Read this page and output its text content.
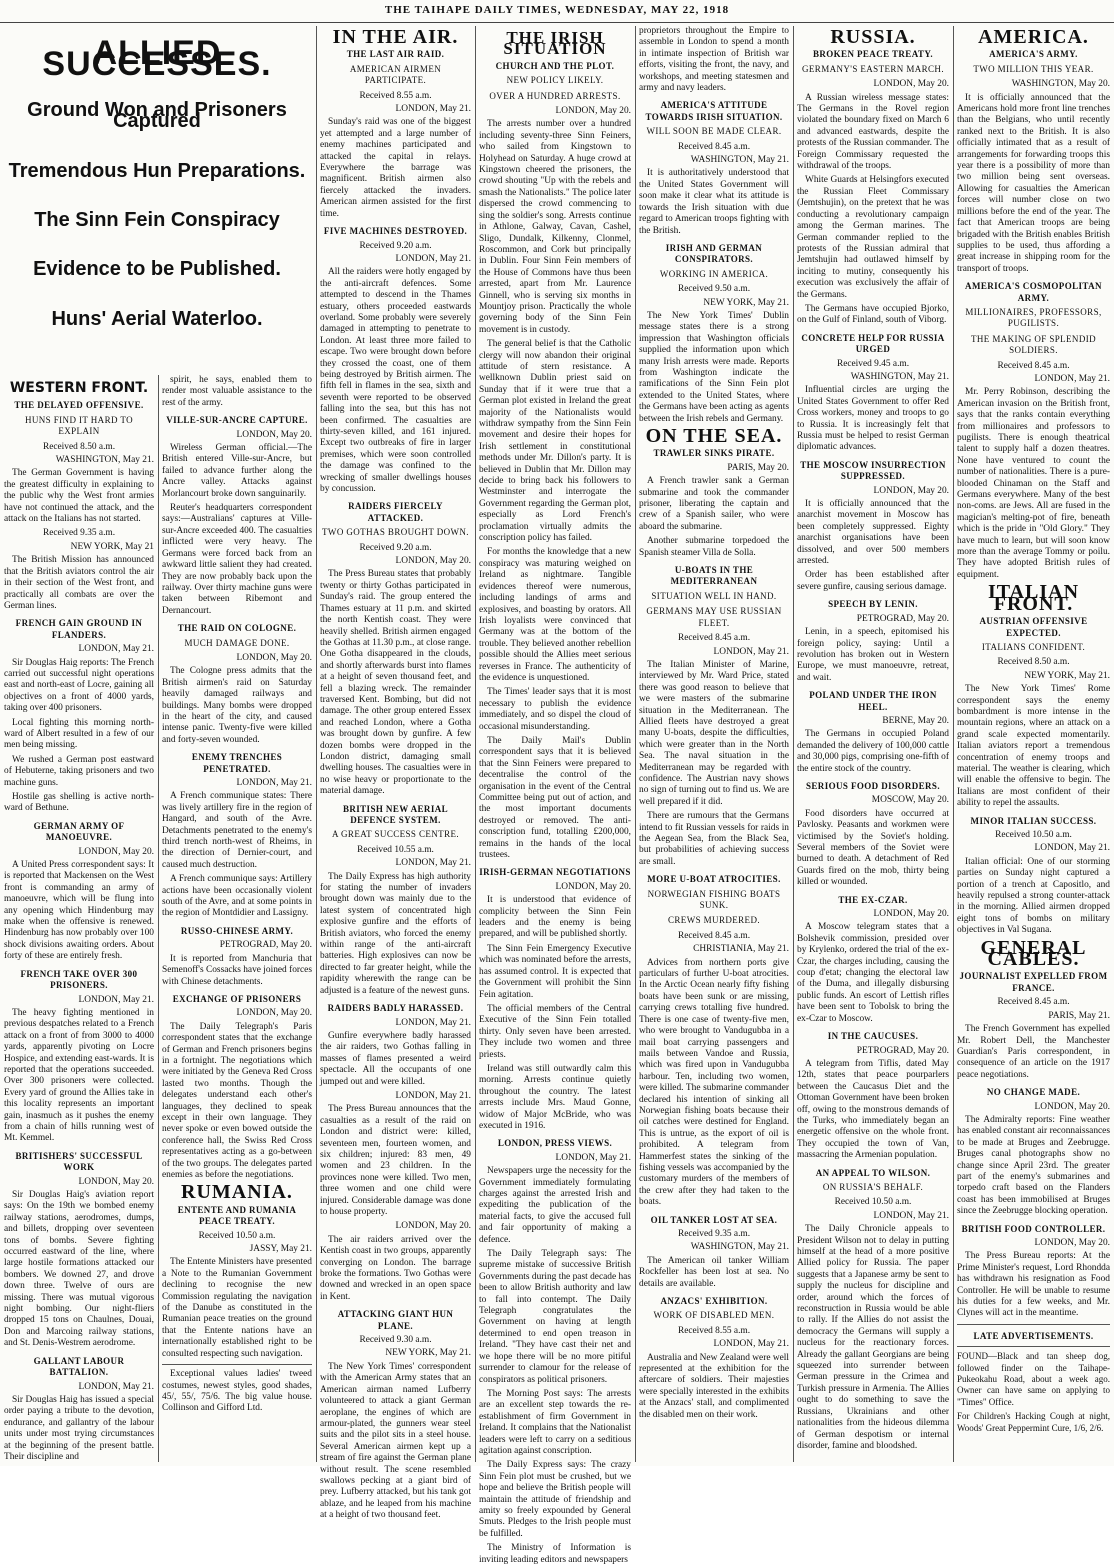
THE TAIHAPE DAILY TIMES, WEDNESDAY, MAY 22, 1918
ALLIED SUCCESSES.
Ground Won and Prisoners Captured
Tremendous Hun Preparations.
The Sinn Fein Conspiracy
Evidence to be Published.
Huns' Aerial Waterloo.
WESTERN FRONT.
THE DELAYED OFFENSIVE.
HUNS FIND IT HARD TO EXPLAIN
Received 8.50 a.m.
WASHINGTON, May 21.

The German Government is having the greatest difficulty in explaining to the public why the West front armies have not continued the attack, and the attack on the Italians has not started.

Received 9.35 a.m.
NEW YORK, May 21

The British Mission has announced that the British aviators control the air in their section of the West front, and practically all combats are over the German lines.

FRENCH GAIN GROUND IN FLANDERS.
LONDON, May 21.

Sir Douglas Haig reports: The French carried out successful night operations east and north-east of Locre, gaining all objectives on a front of 4000 yards, taking over 400 prisoners.

Local fighting this morning north-ward of Albert resulted in a few of our men being missing.

We rushed a German post eastward of Hebuterne, taking prisoners and two machine guns.

Hostile gas shelling is active north-ward of Bethune.

GERMAN ARMY OF MANOEUVRE.
LONDON, May 20.

A United Press correspondent says: It is reported that Mackensen on the West front is commanding an army of manoeuvre, which will be flung into any opening which Hindenburg may make when the offensive is renewed. Hindenburg has now probably over 100 shock divisions awaiting orders. About forty of these are entirely fresh.

FRENCH TAKE OVER 300 PRISONERS.
LONDON, May 21.

The heavy fighting mentioned in previous despatches related to a French attack on a front of from 3000 to 4000 yards, apparently pivoting on Locre Hospice, and extending east-wards. It is reported that the operations succeeded. Over 300 prisoners were collected. Every yard of ground the Allies take in this locality represents an important gain, inasmuch as it pushes the enemy from a chain of hills running west of Mt. Kemmel.

BRITISHERS' SUCCESSFUL WORK
LONDON, May 20.

Sir Douglas Haig's aviation report says: On the 19th we bombed enemy railway stations, aerodromes, dumps, and billets, dropping over seventeen tons of bombs. Severe fighting occurred eastward of the line, where large hostile formations attacked our bombers. We downed 27, and drove down three. Twelve of ours are missing. There was mutual vigorous night bombing. Our night-fliers dropped 15 tons on Chaulnes, Douai, Don and Marcoing railway stations, and St. Denis-Westrem aerodrome.

GALLANT LABOUR BATTALION.
LONDON, May 21.

Sir Douglas Haig has issued a special order paying a tribute to the devotion, endurance, and gallantry of the labour units under most trying circumstances at the beginning of the present battle. Their discipline and

spirit, he says, enabled them to render most valuable assistance to the rest of the army.

VILLE-SUR-ANCRE CAPTURE.
LONDON, May 20.

Wireless German official.—The British entered Ville-sur-Ancre, but failed to advance further along the Ancre valley. Attacks against Morlancourt broke down sanguinarily.

Reuter's headquarters correspondent says:—Australians' captures at Ville-sur-Ancre exceeded 400. The casualties inflicted were very heavy. The Germans were forced back from an awkward little salient they had created. They are now probably back upon the railway. Over thirty machine guns were taken between Ribemont and Dernancourt.

THE RAID ON COLOGNE.
MUCH DAMAGE DONE.
LONDON, May 20.

The Cologne press admits that the British airmen's raid on Saturday heavily damaged railways and buildings. Many bombs were dropped in the heart of the city, and caused intense panic. Twenty-five were killed and forty-seven wounded.

ENEMY TRENCHES PENETRATED.
LONDON, May 21.

A French communique states: There was lively artillery fire in the region of Hangard, and south of the Avre. Detachments penetrated to the enemy's third trench north-west of Rheims, in the direction of Dernier-court, and caused much destruction.

A French communique says: Artillery actions have been occasionally violent south of the Avre, and at some points in the region of Montdidier and Lassigny.

RUSSO-CHINESE ARMY.
PETROGRAD, May 20.

It is reported from Manchuria that Semenoff's Cossacks have joined forces with Chinese detachments.

EXCHANGE OF PRISONERS
LONDON, May 20.

The Daily Telegraph's Paris correspondent states that the exchange of German and French prisoners begins in a fortnight. The negotiations which were initiated by the Geneva Red Cross lasted two months. Though the delegates understand each other's languages, they declined to speak except in their own language. They never spoke or even bowed outside the conference hall, the Swiss Red Cross representatives acting as a go-between of the two groups. The delegates parted enemies as before the negotiations.

RUMANIA.
ENTENTE AND RUMANIA PEACE TREATY.
Received 10.50 a.m.
JASSY, May 21.

The Entente Ministers have presented a Note to the Rumanian Government declining to recognise the new Commission regulating the navigation of the Danube as constituted in the Rumanian peace treaties on the ground that the Entente nations have an internationally established right to be consulted respecting such navigation.

Exceptional values ladies' tweed costumes, newest styles, good shades, 45/, 55/, 75/6. The big value house. Collinson and Gifford Ltd.

IN THE AIR.
THE LAST AIR RAID.
AMERICAN AIRMEN PARTICIPATE.
Received 8.55 a.m.
LONDON, May 21.

Sunday's raid was one of the biggest yet attempted and a large number of enemy machines participated and attacked the capital in relays. Everywhere the barrage was magnificent. British airmen also fiercely attacked the invaders. American airmen assisted for the first time.

FIVE MACHINES DESTROYED.
Received 9.20 a.m.
LONDON, May 21.

All the raiders were hotly engaged by the anti-aircraft defences. Some attempted to descend in the Thames estuary, others proceeded eastwards overland. Some probably were severely damaged in attempting to penetrate to London. At least three more failed to escape. Two were brought down before they crossed the coast, one of them being destroyed by British airmen. The fifth fell in flames in the sea, sixth and seventh were reported to be observed falling into the sea, but this has not been confirmed. The casualties are thirty-seven killed, and 161 injured. Except two outbreaks of fire in larger premises, which were soon controlled the damage was confined to the wrecking of smaller dwellings houses by concussion.

RAIDERS FIERCELY ATTACKED.
TWO GOTHAS BROUGHT DOWN.
Received 9.20 a.m.
LONDON, May 20.

The Press Bureau states that probably twenty or thirty Gothas participated in Sunday's raid. The group entered the Thames estuary at 11 p.m. and skirted the north Kentish coast. They were heavily shelled. British airmen engaged the Gothas at 11.30 p.m., at close range. One Gotha disappeared in the clouds, and shortly afterwards burst into flames at a height of seven thousand feet, and fell a blazing wreck. The remainder traversed Kent. Bombing, but did not damage. The other group entered Essex and reached London, where a Gotha was brought down by gunfire. A few dozen bombs were dropped in the London district, damaging small dwelling houses. The casualties were in no wise heavy or proportionate to the material damage.

BRITISH NEW AERIAL DEFENCE SYSTEM.
A GREAT SUCCESS CENTRE.
Received 10.55 a.m.
LONDON, May 21.

The Daily Express has high authority for stating the number of invaders brought down was mainly due to the latest system of concentrated high explosive gunfire and the efforts of British aviators, who forced the enemy within range of the anti-aircraft batteries. High explosives can now be directed to far greater height, while the rapidity wherewith the range can be adjusted is a feature of the newest guns.

RAIDERS BADLY HARASSED.
LONDON, May 21.

Gunfire everywhere badly harassed the air raiders, two Gothas falling in masses of flames presented a weird spectacle. All the occupants of one jumped out and were killed.

LONDON, May 21.

The Press Bureau announces that the casualties as a result of the raid on London and district were: killed, seventeen men, fourteen women, and six children; injured: 83 men, 49 women and 23 children. In the provinces none were killed. Two men, three women and one child were injured. Considerable damage was done to house property.

LONDON, May 20.

The air raiders arrived over the Kentish coast in two groups, apparently converging on London. The barrage broke the formations. Two Gothas were downed and wrecked in an open space in Kent.

ATTACKING GIANT HUN PLANE.
Received 9.30 a.m.
NEW YORK, May 21.

The New York Times' correspondent with the American Army states that an American airman named Lufberry volunteered to attack a giant German aeroplane, the engines of which are armour-plated, the gunners wear steel suits and the pilot sits in a steel house. Several American airmen kept up a stream of fire against the German plane without result. The scene resembled swallows pecking at a giant bird of prey. Lufberry attacked, but his tank got ablaze, and he leaped from his machine at a height of two thousand feet.

THE IRISH SITUATION
CHURCH AND THE PLOT.
NEW POLICY LIKELY.
OVER A HUNDRED ARRESTS.
LONDON, May 20.

The arrests number over a hundred including seventy-three Sinn Feiners, who sailed from Kingstown to Holyhead on Saturday. A huge crowd at Kingstown cheered the prisoners, the crowd shouting "Up with the rebels and smash the Nationalists." The police later dispersed the crowd commencing to sing the soldier's song. Arrests continue in Athlone, Galway, Cavan, Cashel, Sligo, Dundalk, Kilkenny, Clonmel, Roscommon, and Cork but principally in Dublin. Four Sinn Fein members of the House of Commons have thus been arrested, apart from Mr. Laurence Ginnell, who is serving six months in Mountjoy prison. Practically the whole governing body of the Sinn Fein movement is in custody.

The general belief is that the Catholic clergy will now abandon their original attitude of stern resistance. A wellknown Dublin priest said on Sunday that if it were true that a German plot existed in Ireland the great majority of the Nationalists would withdraw sympathy from the Sinn Fein movement and desire their hopes for Irish settlement in constitutional methods under Mr. Dillon's party. It is believed in Dublin that Mr. Dillon may decide to bring back his followers to Westminster and interrogate the Government regarding the German plot, especially as Lord French's proclamation virtually admits the conscription policy has failed.

For months the knowledge that a new conspiracy was maturing weighed on Ireland as nightmare. Tangible evidences thereof were numerous, including landings of arms and explosives, and boasting by orators. All Irish loyalists were convinced that Germany was at the bottom of the trouble. They believed another rebellion possible should the Allies meet serious reverses in France. The authenticity of the evidence is unquestioned.

The Times' leader says that it is most necessary to publish the evidence immediately, and so dispel the cloud of occasional misunderstanding.

The Daily Mail's Dublin correspondent says that it is believed that the Sinn Feiners were prepared to decentralise the control of the organisation in the event of the Central Committee being put out of action, and the most important documents destroyed or removed. The anti-conscription fund, totalling £200,000, remains in the hands of the local trustees.

IRISH-GERMAN NEGOTIATIONS
LONDON, May 20.

It is understood that evidence of complicity between the Sinn Fein leaders and the enemy is being prepared, and will be published shortly.

The Sinn Fein Emergency Executive which was nominated before the arrests, has assumed control. It is expected that the Government will prohibit the Sinn Fein agitation.

The official members of the Central Executive of the Sinn Fein totalled thirty. Only seven have been arrested. They include two women and three priests.

Ireland was still outwardly calm this morning. Arrests continue quietly throughout the country. The latest arrests include Mrs. Maud Gonne, widow of Major McBride, who was executed in 1916.

LONDON, PRESS VIEWS.
LONDON, May 21.

Newspapers urge the necessity for the Government immediately formulating charges against the arrested Irish and expediting the publication of the material facts, to give the accused full and fair opportunity of making a defence.

The Daily Telegraph says: The supreme mistake of successive British Governments during the past decade has been to allow British authority and law to fall into contempt. The Daily Telegraph congratulates the Government on having at length determined to end open treason in Ireland. "They have cast their net and we hope there will be no more pitiful surrender to clamour for the release of conspirators as political prisoners.

The Morning Post says: The arrests are an excellent step towards the re-establishment of firm Government in Ireland. It complains that the Nationalist leaders were left to carry on a seditious agitation against conscription.

The Daily Express says: The crazy Sinn Fein plot must be crushed, but we hope and believe the British people will maintain the attitude of friendship and amity so freely expounded by General Smuts. Pledges to the Irish people must be fulfilled.

The Ministry of Information is inviting leading editors and newspapers

proprietors throughout the Empire to assemble in London to spend a month in intimate inspection of British war efforts, visiting the front, the navy, and workshops, and meeting statesmen and army and navy leaders.

AMERICA'S ATTITUDE TOWARDS IRISH SITUATION.
WILL SOON BE MADE CLEAR.
Received 8.45 a.m.
WASHINGTON, May 21.

It is authoritatively understood that the United States Government will soon make it clear what its attitude is towards the Irish situation with due regard to American troops fighting with the British.

IRISH AND GERMAN CONSPIRATORS.
WORKING IN AMERICA.
Received 9.50 a.m.
NEW YORK, May 21.

The New York Times' Dublin message states there is a strong impression that Washington officials supplied the information upon which many Irish arrests were made. Reports from Washington indicate the ramifications of the Sinn Fein plot extended to the United States, where the Germans have been acting as agents between the Irish rebels and Germany.

ON THE SEA.
TRAWLER SINKS PIRATE.
PARIS, May 20.

A French trawler sank a German submarine and took the commander prisoner, liberating the captain and crew of a Spanish sailer, who were aboard the submarine.

Another submarine torpedoed the Spanish steamer Villa de Solla.

U-BOATS IN THE MEDITERRANEAN
SITUATION WELL IN HAND.
GERMANS MAY USE RUSSIAN FLEET.
Received 8.45 a.m.
LONDON, May 21.

The Italian Minister of Marine, interviewed by Mr. Ward Price, stated there was good reason to believe that we were masters of the submarine situation in the Mediterranean. The Allied fleets have destroyed a great many U-boats, despite the difficulties, which were greater than in the North Sea. The naval situation in the Mediterranean may be regarded with confidence. The Austrian navy shows no sign of turning out to find us. We are well prepared if it did.

There are rumours that the Germans intend to fit Russian vessels for raids in the Aegean Sea, from the Black Sea, but probabilities of achieving success are small.

MORE U-BOAT ATROCITIES.
NORWEGIAN FISHING BOATS SUNK.
CREWS MURDERED.
Received 8.45 a.m.
CHRISTIANIA, May 21.

Advices from northern ports give particulars of further U-boat atrocities. In the Arctic Ocean nearly fifty fishing boats have been sunk or are missing, carrying crews totalling five hundred. There is one case of twenty-five men, who were brought to Vandugubba in a mail boat carrying passengers and mails between Vandoe and Russia, which was fired upon in Vandugubba harbour. Ten, including two women, were killed. The submarine commander declared his intention of sinking all Norwegian fishing boats because their oil catches were destined for England. This is untrue, as the export of oil is prohibited. A telegram from Hammerfest states the sinking of the fishing vessels was accompanied by the customary murders of the members of the crew after they had taken to the boats.

OIL TANKER LOST AT SEA.
Received 9.35 a.m.
WASHINGTON, May 21.

The American oil tanker William Rockfeller has been lost at sea. No details are available.

ANZACS' EXHIBITION.
WORK OF DISABLED MEN.
Received 8.55 a.m.
LONDON, May 21.

Australia and New Zealand were well represented at the exhibition for the aftercare of soldiers. Their majesties were specially interested in the exhibits at the Anzacs' stall, and complimented the disabled men on their work.

RUSSIA.
BROKEN PEACE TREATY.
GERMANY'S EASTERN MARCH.
LONDON, May 20.

A Russian wireless message states: The Germans in the Rovel region violated the boundary fixed on March 6 and advanced eastwards, despite the protests of the Russian commander. The Foreign Commissary requested the withdrawal of the troops.

White Guards at Helsingfors executed the Russian Fleet Commissary (Jemtshujin), on the pretext that he was conducting a revolutionary campaign among the German marines. The German commander replied to the protests of the Russian admiral that Jemtshujin had outlawed himself by inciting to mutiny, consequently his execution was exclusively the affair of the Germans.

The Germans have occupied Bjorko, on the Gulf of Finland, south of Viborg.

CONCRETE HELP FOR RUSSIA URGED
Received 9.45 a.m.
WASHINGTON, May 21.

Influential circles are urging the United States Government to offer Red Cross workers, money and troops to go to Russia. It is increasingly felt that Russia must be helped to resist German diplomatic advances.

THE MOSCOW INSURRECTION SUPPRESSED.
LONDON, May 20.

It is officially announced that the anarchist movement in Moscow has been completely suppressed. Eighty anarchist organisations have been dissolved, and over 500 members arrested.

Order has been established after severe gunfire, causing serious damage.

SPEECH BY LENIN.
PETROGRAD, May 20.

Lenin, in a speech, epitomised his foreign policy, saying: Until a revolution has broken out in Western Europe, we must manoeuvre, retreat, and wait.

POLAND UNDER THE IRON HEEL.
BERNE, May 20.

The Germans in occupied Poland demanded the delivery of 100,000 cattle and 30,000 pigs, comprising one-fifth of the entire stock of the country.

SERIOUS FOOD DISORDERS.
MOSCOW, May 20.

Food disorders have occurred at Pavlosky. Peasants and workmen were victimised by the Soviet's holding. Several members of the Soviet were burned to death. A detachment of Red Guards fired on the mob, thirty being killed or wounded.

THE EX-CZAR.
LONDON, May 20.

A Moscow telegram states that a Bolshevik commission, presided over by Krylenko, ordered the trial of the ex-Czar, the charges including, causing the coup d'etat; changing the electoral law of the Duma, and illegally disbursing public funds. An escort of Lettish rifles have been sent to Tobolsk to bring the ex-Czar to Moscow.

IN THE CAUCUSES.
PETROGRAD, May 20.

A telegram from Tiflis, dated May 12th, states that peace pourparlers between the Caucasus Diet and the Ottoman Government have been broken off, owing to the monstrous demands of the Turks, who immediately began an energetic offensive on the whole front. They occupied the town of Van, massacring the Armenian population.

AN APPEAL TO WILSON.
ON RUSSIA'S BEHALF.
Received 10.50 a.m.
LONDON, May 21.

The Daily Chronicle appeals to President Wilson not to delay in putting himself at the head of a more positive Allied policy for Russia. The paper suggests that a Japanese army be sent to supply the nucleus for discipline and order, around which the forces of reconstruction in Russia would be able to rally. If the Allies do not assist the democracy the Germans will supply a nucleus for the reactionary forces. Already the gallant Georgians are being squeezed into surrender between German pressure in the Crimea and Turkish pressure in Armenia. The Allies ought to do something to save the Russians, Ukrainians and other nationalities from the hideous dilemma of German despotism or internal disorder, famine and bloodshed.

AMERICA.
AMERICA'S ARMY.
TWO MILLION THIS YEAR.
WASHINGTON, May 20.

It is officially announced that the Americans hold more front line trenches than the Belgians, who until recently ranked next to the British. It is also officially intimated that as a result of arrangements for forwarding troops this year there is a possibility of more than two million being sent overseas. Allowing for casualties the American forces will number close on two millions before the end of the year. The fact that American troops are being brigaded with the British enables British supplies to be used, thus affording a great increase in shipping room for the transport of troops.

AMERICA'S COSMOPOLITAN ARMY.
MILLIONAIRES, PROFESSORS, PUGILISTS.
THE MAKING OF SPLENDID SOLDIERS.
Received 8.45 a.m.
LONDON, May 21.

Mr. Perry Robinson, describing the American invasion on the British front, says that the ranks contain everything from millionaires and professors to pugilists. There is enough theatrical talent to supply half a dozen theatres. None have ventured to count the number of nationalities. There is a pure-blooded Chinaman on the Staff and Germans everywhere. Many of the best non-coms. are Jews. All are fused in the magician's melting-pot of fire, beneath which is the pride in "Old Glory." They have much to learn, but will soon know more than the average Tommy or poilu. They have adopted British rules of equipment.

ITALIAN FRONT.
AUSTRIAN OFFENSIVE EXPECTED.
ITALIANS CONFIDENT.
Received 8.50 a.m.
NEW YORK, May 21.

The New York Times' Rome correspondent says the enemy bombardment is more intense in the mountain regions, where an attack on a grand scale expected momentarily. Italian aviators report a tremendous concentration of enemy troops and material. The weather is clearing, which will enable the offensive to begin. The Italians are most confident of their ability to repel the assaults.

MINOR ITALIAN SUCCESS.
Received 10.50 a.m.
LONDON, May 21.

Italian official: One of our storming parties on Sunday night captured a portion of a trench at Capositlo, and heavily repulsed a strong counter-attack in the morning. Allied airmen dropped eight tons of bombs on military objectives in Val Sugana.

GENERAL CABLES.
JOURNALIST EXPELLED FROM FRANCE.
Received 8.45 a.m.
PARIS, May 21.

The French Government has expelled Mr. Robert Dell, the Manchester Guardian's Paris correspondent, in consequence of an article on the 1917 peace negotiations.

NO CHANGE MADE.
LONDON, May 20.

The Admiralty reports: Fine weather has enabled constant air reconnaissances to be made at Bruges and Zeebrugge. Bruges canal photographs show no change since April 23rd. The greater part of the enemy's submarines and torpedo craft based on the Flanders coast has been immobilised at Bruges since the Zeebrugge blocking operation.

BRITISH FOOD CONTROLLER.
LONDON, May 20.

The Press Bureau reports: At the Prime Minister's request, Lord Rhondda has withdrawn his resignation as Food Controller. He will be unable to resume his duties for a few weeks, and Mr. Clynes will act in the meantime.

LATE ADVERTISEMENTS.

FOUND—Black and tan sheep dog, followed finder on the Taihape-Pukeokahu Road, about a week ago. Owner can have same on applying to "Times" Office.

For Children's Hacking Cough at night, Woods' Great Peppermint Cure, 1/6, 2/6.
